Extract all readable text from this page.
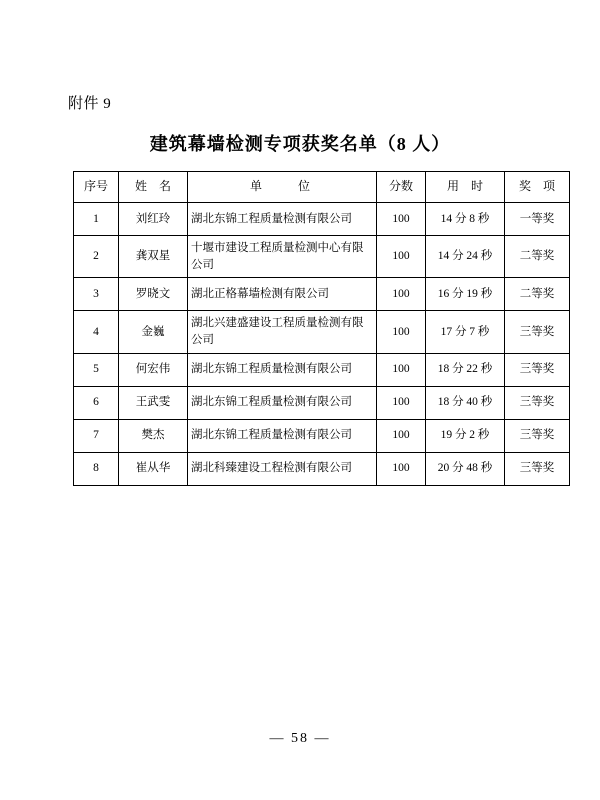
附件 9
建筑幕墙检测专项获奖名单（8 人）
序号	姓　名	单　　位	分数	用　时	奖　项
1	刘红玲	湖北东锦工程质量检测有限公司	100	14 分 8 秒	一等奖
2	龚双星	十堰市建设工程质量检测中心有限公司	100	14 分 24 秒	二等奖
3	罗晓文	湖北正格幕墙检测有限公司	100	16 分 19 秒	二等奖
4	金巍	湖北兴建盛建设工程质量检测有限公司	100	17 分 7 秒	三等奖
5	何宏伟	湖北东锦工程质量检测有限公司	100	18 分 22 秒	三等奖
6	王武雯	湖北东锦工程质量检测有限公司	100	18 分 40 秒	三等奖
7	樊杰	湖北东锦工程质量检测有限公司	100	19 分 2 秒	三等奖
8	崔从华	湖北科臻建设工程检测有限公司	100	20 分 48 秒	三等奖
— 58 —
